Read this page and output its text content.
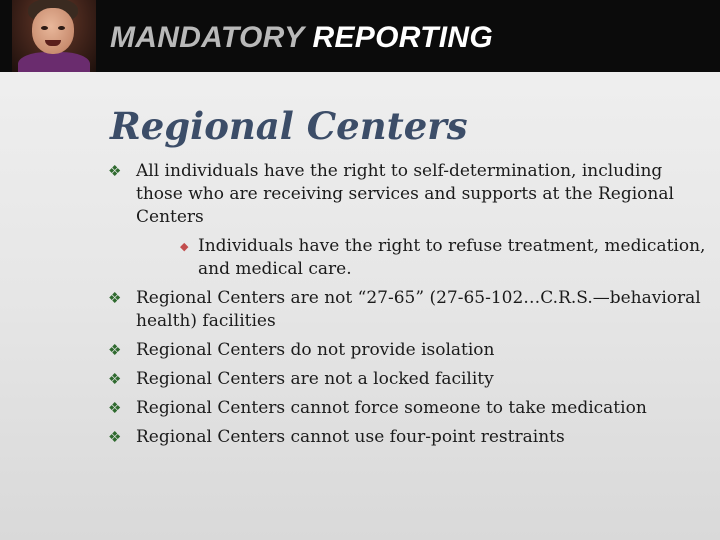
MANDATORY REPORTING
Regional Centers
❖ All individuals have the right to self-determination, including those who are receiving services and supports at the Regional Centers
◆ Individuals have the right to refuse treatment, medication, and medical care.
❖ Regional Centers are not “27-65” (27-65-102…C.R.S.—behavioral health) facilities
❖ Regional Centers do not provide isolation
❖ Regional Centers are not a locked facility
❖ Regional Centers cannot force someone to take medication
❖ Regional Centers cannot use four-point restraints
